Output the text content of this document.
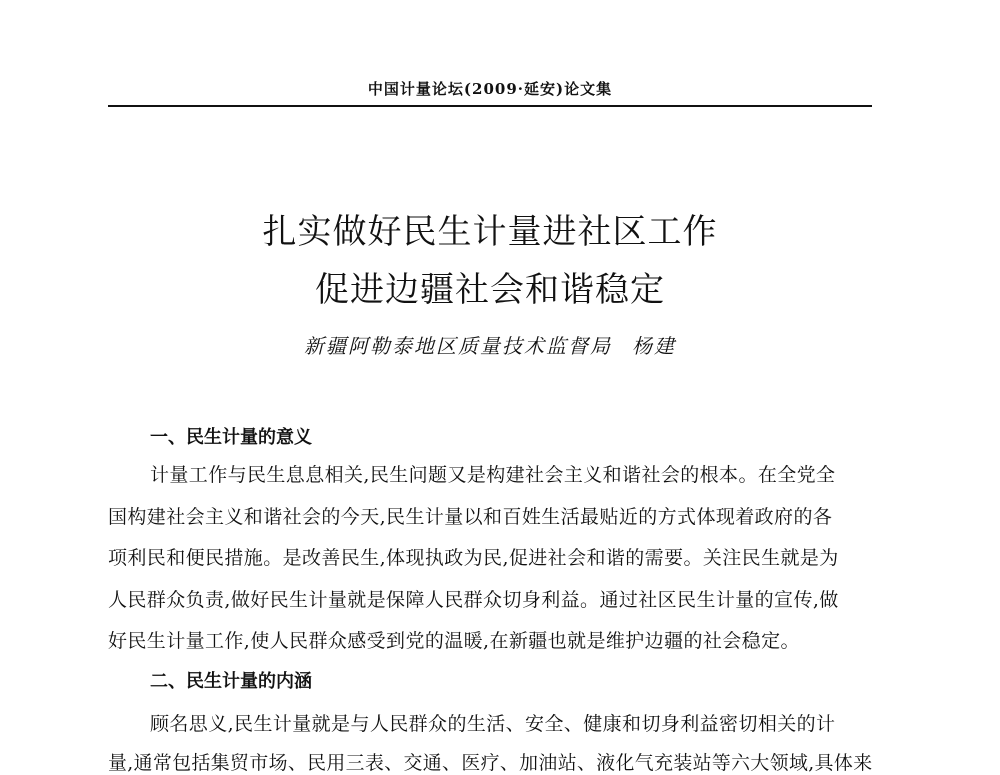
中国计量论坛(2009·延安)论文集
扎实做好民生计量进社区工作
促进边疆社会和谐稳定
新疆阿勒泰地区质量技术监督局 杨建
一、民生计量的意义
计量工作与民生息息相关,民生问题又是构建社会主义和谐社会的根本。在全党全
国构建社会主义和谐社会的今天,民生计量以和百姓生活最贴近的方式体现着政府的各
项利民和便民措施。是改善民生,体现执政为民,促进社会和谐的需要。关注民生就是为
人民群众负责,做好民生计量就是保障人民群众切身利益。通过社区民生计量的宣传,做
好民生计量工作,使人民群众感受到党的温暖,在新疆也就是维护边疆的社会稳定。
二、民生计量的内涵
顾名思义,民生计量就是与人民群众的生活、安全、健康和切身利益密切相关的计
量,通常包括集贸市场、民用三表、交通、医疗、加油站、液化气充装站等六大领域,具体来
